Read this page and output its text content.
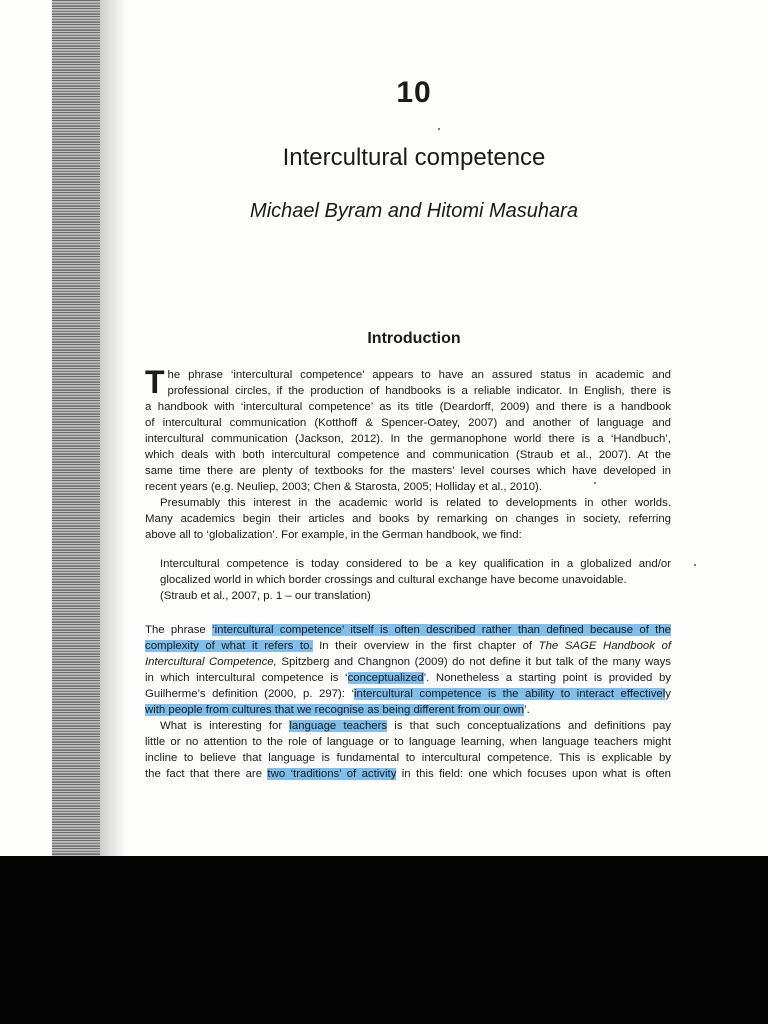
10
Intercultural competence
Michael Byram and Hitomi Masuhara
Introduction
T he phrase ‘intercultural competence’ appears to have an assured status in academic and
professional circles, if the production of handbooks is a reliable indicator. In English, there is
a handbook with ‘intercultural competence’ as its title (Deardorff, 2009) and there is a handbook
of intercultural communication (Kotthoff & Spencer-Oatey, 2007) and another of language and
intercultural communication (Jackson, 2012). In the germanophone world there is a ‘Handbuch’,
which deals with both intercultural competence and communication (Straub et al., 2007). At the
same time there are plenty of textbooks for the masters’ level courses which have developed in
recent years (e.g. Neuliep, 2003; Chen & Starosta, 2005; Holliday et al., 2010).
Presumably this interest in the academic world is related to developments in other worlds.
Many academics begin their articles and books by remarking on changes in society, referring
above all to ‘globalization’. For example, in the German handbook, we find:
Intercultural competence is today considered to be a key qualification in a globalized and/or
glocalized world in which border crossings and cultural exchange have become unavoidable.
(Straub et al., 2007, p. 1 – our translation)
The phrase ‘intercultural competence’ itself is often described rather than defined because of the
complexity of what it refers to. In their overview in the first chapter of The SAGE Handbook of
Intercultural Competence, Spitzberg and Changnon (2009) do not define it but talk of the many ways
in which intercultural competence is ‘conceptualized’. Nonetheless a starting point is provided by
Guilherme’s definition (2000, p. 297): ‘intercultural competence is the ability to interact effectively
with people from cultures that we recognise as being different from our own’.
What is interesting for language teachers is that such conceptualizations and definitions pay
little or no attention to the role of language or to language learning, when language teachers might
incline to believe that language is fundamental to intercultural competence. This is explicable by
the fact that there are two ‘traditions’ of activity in this field: one which focuses upon what is often
